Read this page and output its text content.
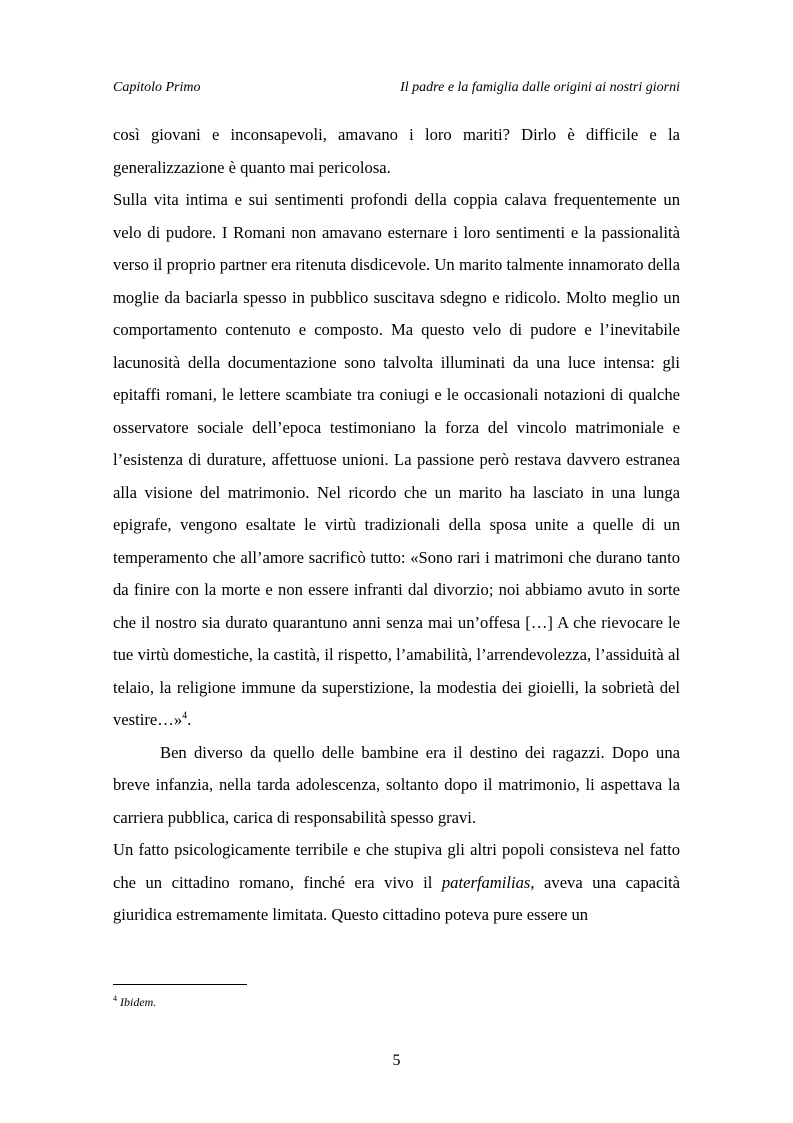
Capitolo Primo	Il padre e la famiglia dalle origini ai nostri giorni

così giovani e inconsapevoli, amavano i loro mariti? Dirlo è difficile e la generalizzazione è quanto mai pericolosa.

Sulla vita intima e sui sentimenti profondi della coppia calava frequentemente un velo di pudore. I Romani non amavano esternare i loro sentimenti e la passionalità verso il proprio partner era ritenuta disdicevole. Un marito talmente innamorato della moglie da baciarla spesso in pubblico suscitava sdegno e ridicolo. Molto meglio un comportamento contenuto e composto. Ma questo velo di pudore e l’inevitabile lacunosità della documentazione sono talvolta illuminati da una luce intensa: gli epitaffi romani, le lettere scambiate tra coniugi e le occasionali notazioni di qualche osservatore sociale dell’epoca testimoniano la forza del vincolo matrimoniale e l’esistenza di durature, affettuose unioni. La passione però restava davvero estranea alla visione del matrimonio. Nel ricordo che un marito ha lasciato in una lunga epigrafe, vengono esaltate le virtù tradizionali della sposa unite a quelle di un temperamento che all’amore sacrificò tutto: «Sono rari i matrimoni che durano tanto da finire con la morte e non essere infranti dal divorzio; noi abbiamo avuto in sorte che il nostro sia durato quarantuno anni senza mai un’offesa […] A che rievocare le tue virtù domestiche, la castità, il rispetto, l’amabilità, l’arrendevolezza, l’assiduità al telaio, la religione immune da superstizione, la modestia dei gioielli, la sobrietà del vestire…»$^4$.

Ben diverso da quello delle bambine era il destino dei ragazzi. Dopo una breve infanzia, nella tarda adolescenza, soltanto dopo il matrimonio, li aspettava la carriera pubblica, carica di responsabilità spesso gravi.

Un fatto psicologicamente terribile e che stupiva gli altri popoli consisteva nel fatto che un cittadino romano, finché era vivo il paterfamilias, aveva una capacità giuridica estremamente limitata. Questo cittadino poteva pure essere un

$^4$ Ibidem.
5
